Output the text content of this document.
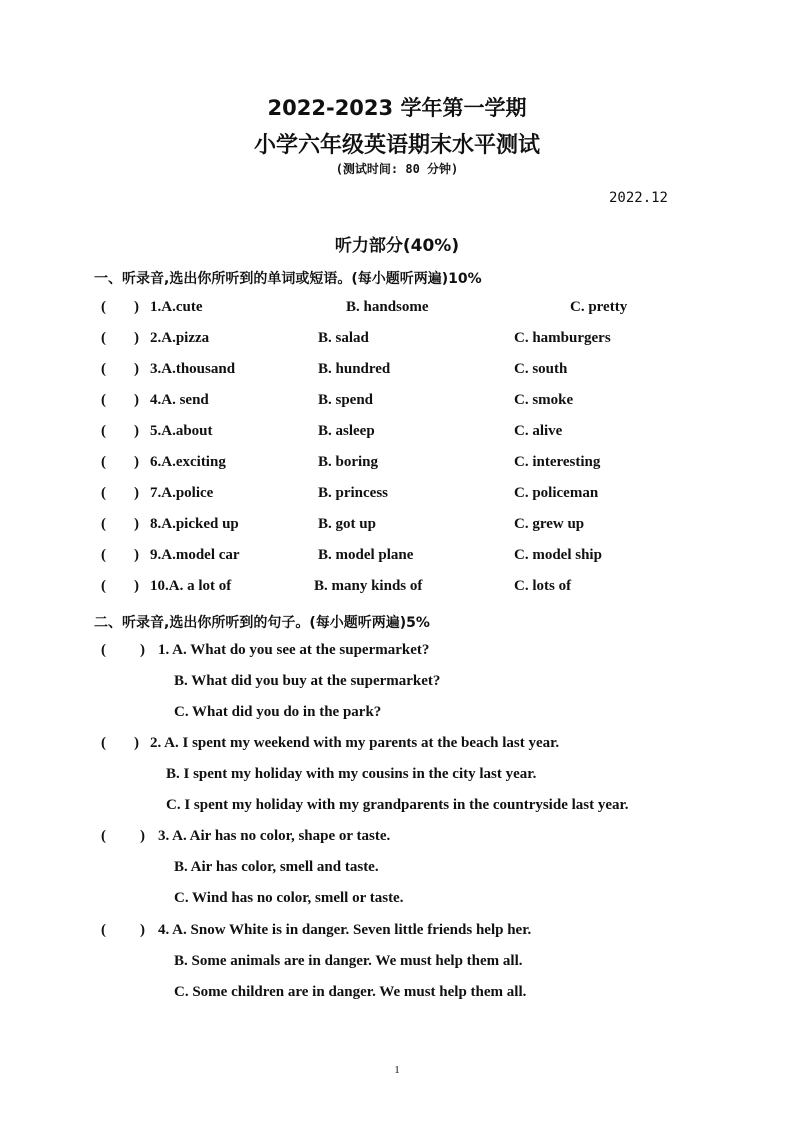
2022-2023 学年第一学期
小学六年级英语期末水平测试
(测试时间: 80 分钟)
2022.12
听力部分(40%)
一、听录音,选出你所听到的单词或短语。(每小题听两遍)10%
( ) 1.A.cute	B. handsome	C. pretty
( ) 2.A.pizza	B. salad	C. hamburgers
( ) 3.A.thousand	B. hundred	C. south
( ) 4.A. send	B. spend	C. smoke
( ) 5.A.about	B. asleep	C. alive
( ) 6.A.exciting	B. boring	C. interesting
( ) 7.A.police	B. princess	C. policeman
( ) 8.A.picked up	B. got up	C. grew up
( ) 9.A.model car	B. model plane	C. model ship
( ) 10.A. a lot of	B. many kinds of	C. lots of
二、听录音,选出你所听到的句子。(每小题听两遍)5%
( ) 1. A. What do you see at the supermarket?
B. What did you buy at the supermarket?
C. What did you do in the park?
( ) 2. A. I spent my weekend with my parents at the beach last year.
B. I spent my holiday with my cousins in the city last year.
C. I spent my holiday with my grandparents in the countryside last year.
( ) 3. A. Air has no color, shape or taste.
B. Air has color, smell and taste.
C. Wind has no color, smell or taste.
( ) 4. A. Snow White is in danger. Seven little friends help her.
B. Some animals are in danger. We must help them all.
C. Some children are in danger. We must help them all.
1
